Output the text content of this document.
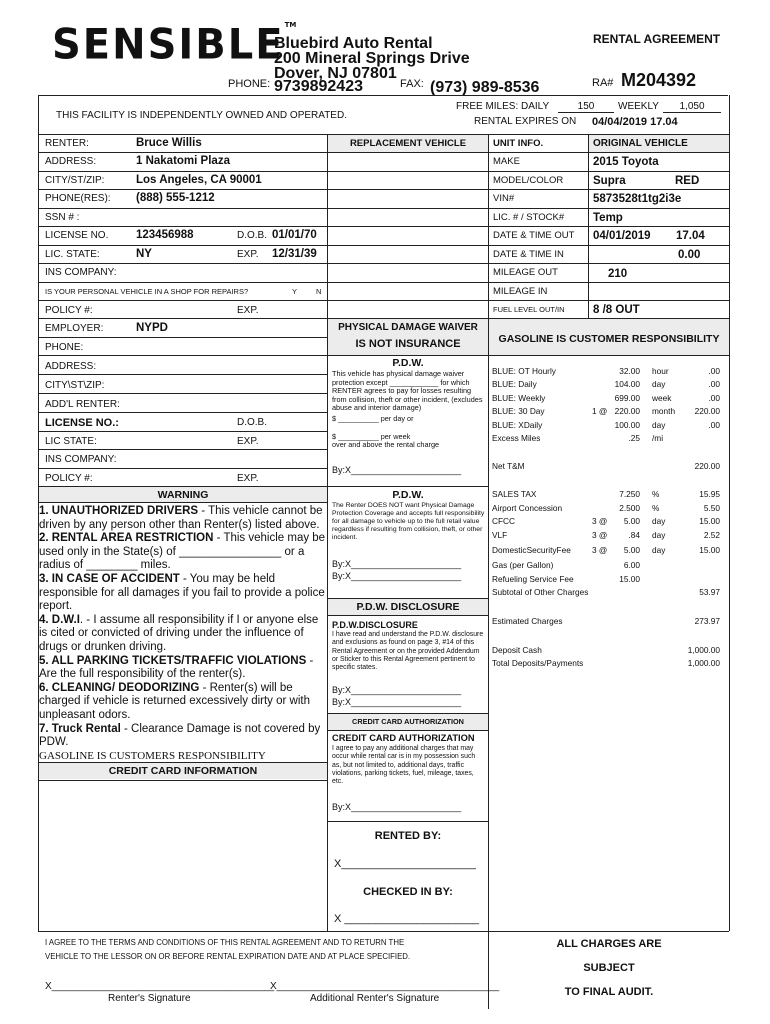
SENSIBLE™
Bluebird Auto Rental
200 Mineral Springs Drive
Dover, NJ 07801
PHONE: 9739892423	FAX: (973) 989-8536
RENTAL AGREEMENT
RA# M204392
THIS FACILITY IS INDEPENDENTLY OWNED AND OPERATED.
FREE MILES: DAILY	150	WEEKLY	1,050
RENTAL EXPIRES ON 04/04/2019 17.04
RENTER:	Bruce Willis
ADDRESS:	1 Nakatomi Plaza
CITY/ST/ZIP:	Los Angeles, CA 90001
PHONE(RES): (888) 555-1212
SSN # :
LICENSE NO. 123456988	D.O.B. 01/01/70
LIC. STATE:	NY	EXP. 12/31/39
INS COMPANY:
IS YOUR PERSONAL VEHICLE IN A SHOP FOR REPAIRS?	Y	N
POLICY #:	EXP.
EMPLOYER:	NYPD
PHONE:
ADDRESS:
CITY\ST\ZIP:
ADD'L RENTER:
LICENSE NO.:	D.O.B.
LIC STATE:	EXP.
INS COMPANY:
POLICY #:	EXP.
WARNING
1. UNAUTHORIZED DRIVERS - This vehicle cannot be driven by any person other than Renter(s) listed above.
2. RENTAL AREA RESTRICTION - This vehicle may be used only in the State(s) of ________________ or a radius of ________ miles.
3. IN CASE OF ACCIDENT - You may be held responsible for all damages if you fail to provide a police report.
4. D.W.I. - I assume all responsibility if I or anyone else is cited or convicted of driving under the influence of drugs or drunken driving.
5. ALL PARKING TICKETS/TRAFFIC VIOLATIONS - Are the full responsibility of the renter(s).
6. CLEANING/ DEODORIZING - Renter(s) will be charged if vehicle is returned excessively dirty or with unpleasant odors.
7. Truck Rental - Clearance Damage is not covered by PDW.
GASOLINE IS CUSTOMERS RESPONSIBILITY
CREDIT CARD INFORMATION
REPLACEMENT VEHICLE
PHYSICAL DAMAGE WAIVER
IS NOT INSURANCE
P.D.W.
This vehicle has physical damage waiver protection except ____________ for which RENTER agrees to pay for losses resulting from collision, theft or other incident, (excludes abuse and interior damage)
$ __________ per day or
$ __________ per week
over and above the rental charge
By:X______________________
P.D.W.
The Renter DOES NOT want Physical Damage Protection Coverage and accepts full responsibility for all damage to vehicle up to the full retail value regardless if resulting from collision, theft, or other incident.
By:X______________________
By:X______________________
P.D.W. DISCLOSURE
P.D.W.DISCLOSURE
I have read and understand the P.D.W. disclosure and exclusions as found on page 3, #14 of this Rental Agreement or on the provided Addendum or Sticker to this Rental Agreement pertinent to specific states.
By:X______________________
By:X______________________
CREDIT CARD AUTHORIZATION
CREDIT CARD AUTHORIZATION
I agree to pay any additional charges that may occur while rental car is in my possession such as, but not limited to, additional days, traffic violations, parking tickets, fuel, mileage, taxes, etc.
By:X______________________
RENTED BY:
X______________________
CHECKED IN BY:
X ______________________
UNIT INFO.	ORIGINAL VEHICLE
MAKE	2015 Toyota
MODEL/COLOR	Supra	RED
VIN#	5873528t1tg2i3e
LIC. # / STOCK#	Temp
DATE & TIME OUT 04/01/2019 17.04
DATE & TIME IN	0.00
MILEAGE OUT	210
MILEAGE IN
FUEL LEVEL OUT/IN 8 /8 OUT
GASOLINE IS CUSTOMER RESPONSIBILITY
BLUE: OT Hourly	32.00 hour	.00
BLUE: Daily	104.00 day	.00
BLUE: Weekly	699.00 week	.00
BLUE: 30 Day	1 @ 220.00 month	220.00
BLUE: XDaily	100.00 day	.00
Excess Miles	.25 /mi
Net T&M	220.00
SALES TAX	7.250 %	15.95
Airport Concession	2.500 %	5.50
CFCC	3 @	5.00 day	15.00
VLF	3 @	.84 day	2.52
DomesticSecurityFee	3 @	5.00 day	15.00
Gas (per Gallon)	6.00
Refueling Service Fee	15.00
Subtotal of Other Charges	53.97
Estimated Charges	273.97
Deposit Cash	1,000.00
Total Deposits/Payments	1,000.00
I AGREE TO THE TERMS AND CONDITIONS OF THIS RENTAL AGREEMENT AND TO RETURN THE
VEHICLE TO THE LESSOR ON OR BEFORE RENTAL EXPIRATION DATE AND AT PLACE SPECIFIED.
X________________________________________
X________________________________________
Renter's Signature	Additional Renter's Signature
ALL CHARGES ARE
SUBJECT
TO FINAL AUDIT.
